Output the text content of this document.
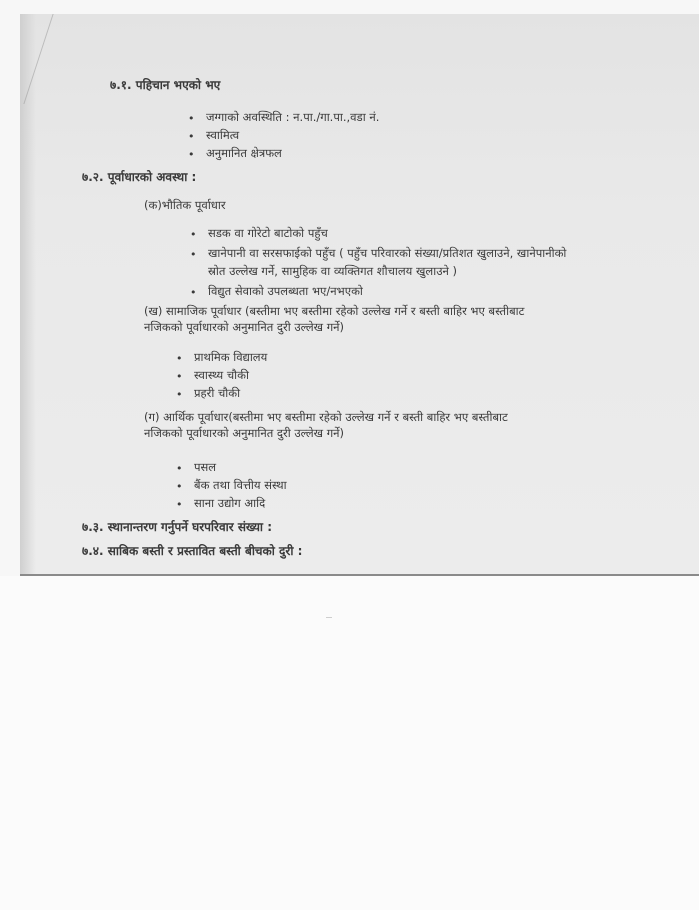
७.१. पहिचान भएको भए
• जग्गाको अवस्थिति : न.पा./गा.पा.,वडा नं.
• स्वामित्व
• अनुमानित क्षेत्रफल
७.२. पूर्वाधारको अवस्था :
(क)भौतिक पूर्वाधार
• सडक वा गोरेटो बाटोको पहुँच
• खानेपानी वा सरसफाईको पहुँच ( पहुँच परिवारको संख्या/प्रतिशत खुलाउने, खानेपानीको
स्रोत उल्लेख गर्ने, सामुहिक वा व्यक्तिगत शौचालय खुलाउने )
• विद्युत सेवाको उपलब्धता भए/नभएको
(ख) सामाजिक पूर्वाधार (बस्तीमा भए बस्तीमा रहेको उल्लेख गर्ने र बस्ती बाहिर भए बस्तीबाट
नजिकको पूर्वाधारको अनुमानित दुरी उल्लेख गर्ने)
• प्राथमिक विद्यालय
• स्वास्थ्य चौकी
• प्रहरी चौकी
(ग) आर्थिक पूर्वाधार(बस्तीमा भए बस्तीमा रहेको उल्लेख गर्ने र बस्ती बाहिर भए बस्तीबाट
नजिकको पूर्वाधारको अनुमानित दुरी उल्लेख गर्ने)
• पसल
• बैंक तथा वित्तीय संस्था
• साना उद्योग आदि
७.३. स्थानान्तरण गर्नुपर्ने घरपरिवार संख्या :
७.४. साबिक बस्ती र प्रस्तावित बस्ती बीचको दुरी :
